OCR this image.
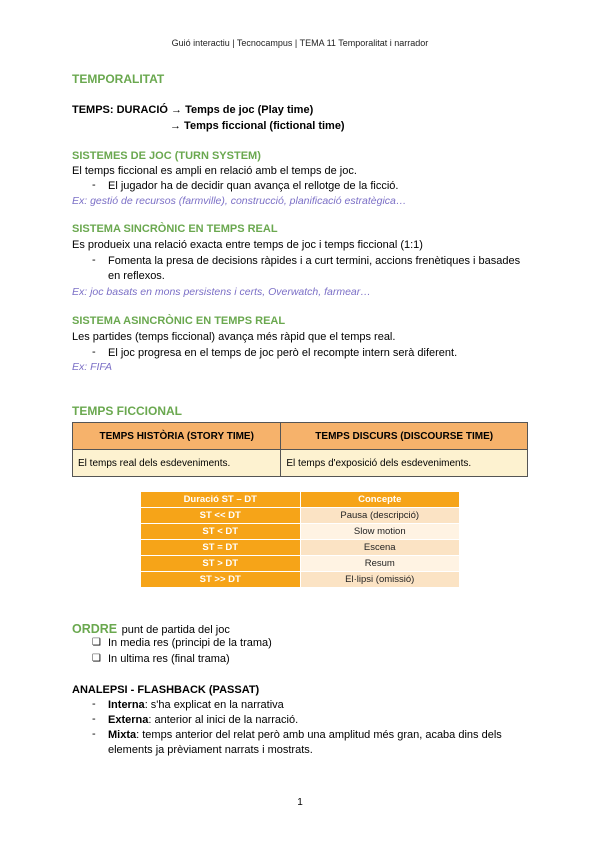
Guió interactiu | Tecnocampus | TEMA 11 Temporalitat i narrador
TEMPORALITAT
TEMPS: DURACIÓ → Temps de joc (Play time)
→ Temps ficcional (fictional time)
SISTEMES DE JOC (TURN SYSTEM)
El temps ficcional es ampli en relació amb el temps de joc.
- El jugador ha de decidir quan avança el rellotge de la ficció.
Ex: gestió de recursos (farmville), construcció, planificació estratègica…
SISTEMA SINCRÒNIC EN TEMPS REAL
Es produeix una relació exacta entre temps de joc i temps ficcional (1:1)
- Fomenta la presa de decisions ràpides i a curt termini, accions frenètiques i basades en reflexos.
Ex: joc basats en mons persistens i certs, Overwatch, farmear…
SISTEMA ASINCRÒNIC EN TEMPS REAL
Les partides (temps ficcional) avança més ràpid que el temps real.
- El joc progresa en el temps de joc però el recompte intern serà diferent.
Ex: FIFA
TEMPS FICCIONAL
TEMPS HISTÒRIA (STORY TIME)	TEMPS DISCURS (DISCOURSE TIME)
El temps real dels esdeveniments.	El temps d'exposició dels esdeveniments.
Duració ST – DT	Concepte
ST << DT	Pausa (descripció)
ST < DT	Slow motion
ST = DT	Escena
ST > DT	Resum
ST >> DT	El·lipsi (omissió)
ORDRE punt de partida del joc
❏ In media res (principi de la trama)
❏ In ultima res (final trama)
ANALEPSI - FLASHBACK (PASSAT)
- Interna: s'ha explicat en la narrativa
- Externa: anterior al inici de la narració.
- Mixta: temps anterior del relat però amb una amplitud més gran, acaba dins dels elements ja prèviament narrats i mostrats.
1
